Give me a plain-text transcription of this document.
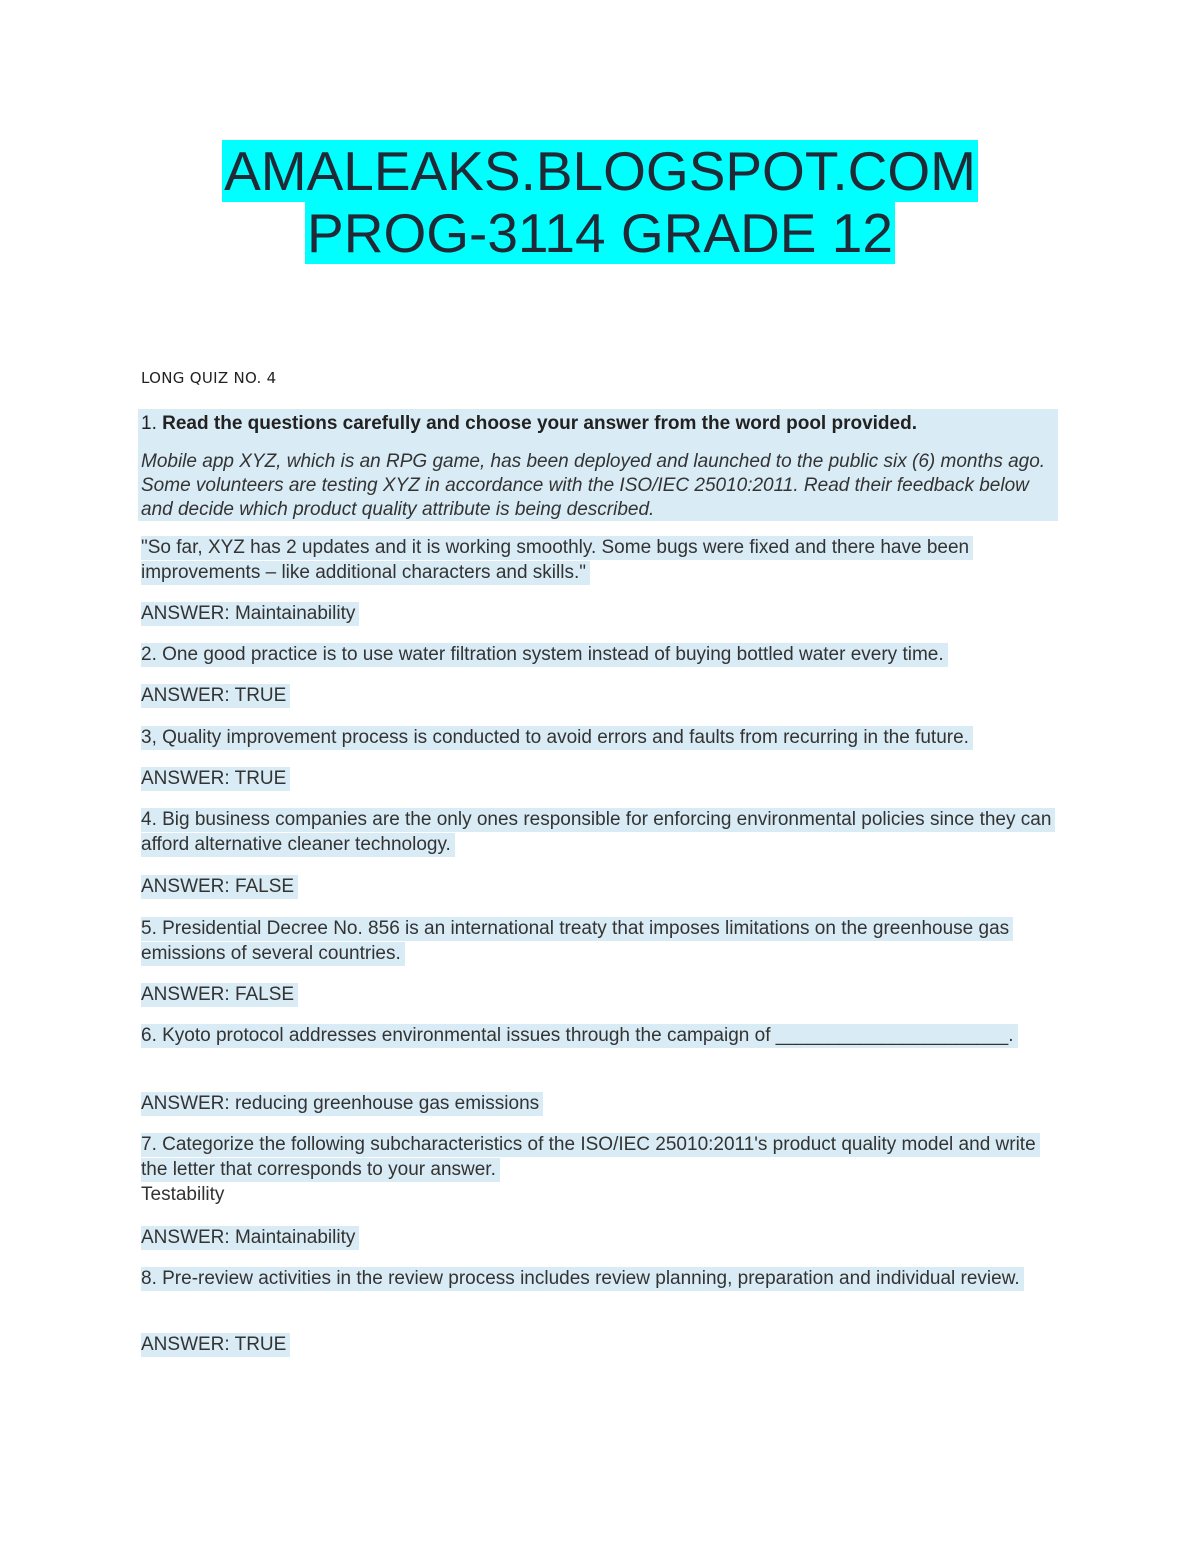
AMALEAKS.BLOGSPOT.COM
PROG-3114 GRADE 12
LONG QUIZ NO. 4
1. Read the questions carefully and choose your answer from the word pool provided.
Mobile app XYZ, which is an RPG game, has been deployed and launched to the public six (6) months ago. Some volunteers are testing XYZ in accordance with the ISO/IEC 25010:2011. Read their feedback below and decide which product quality attribute is being described.
"So far, XYZ has 2 updates and it is working smoothly. Some bugs were fixed and there have been improvements – like additional characters and skills."
ANSWER: Maintainability
2. One good practice is to use water filtration system instead of buying bottled water every time.
ANSWER: TRUE
3, Quality improvement process is conducted to avoid errors and faults from recurring in the future.
ANSWER: TRUE
4. Big business companies are the only ones responsible for enforcing environmental policies since they can afford alternative cleaner technology.
ANSWER: FALSE
5. Presidential Decree No. 856 is an international treaty that imposes limitations on the greenhouse gas emissions of several countries.
ANSWER: FALSE
6. Kyoto protocol addresses environmental issues through the campaign of ______________________.
ANSWER: reducing greenhouse gas emissions
7. Categorize the following subcharacteristics of the ISO/IEC 25010:2011's product quality model and write the letter that corresponds to your answer.
Testability
ANSWER: Maintainability
8. Pre-review activities in the review process includes review planning, preparation and individual review.
ANSWER: TRUE
